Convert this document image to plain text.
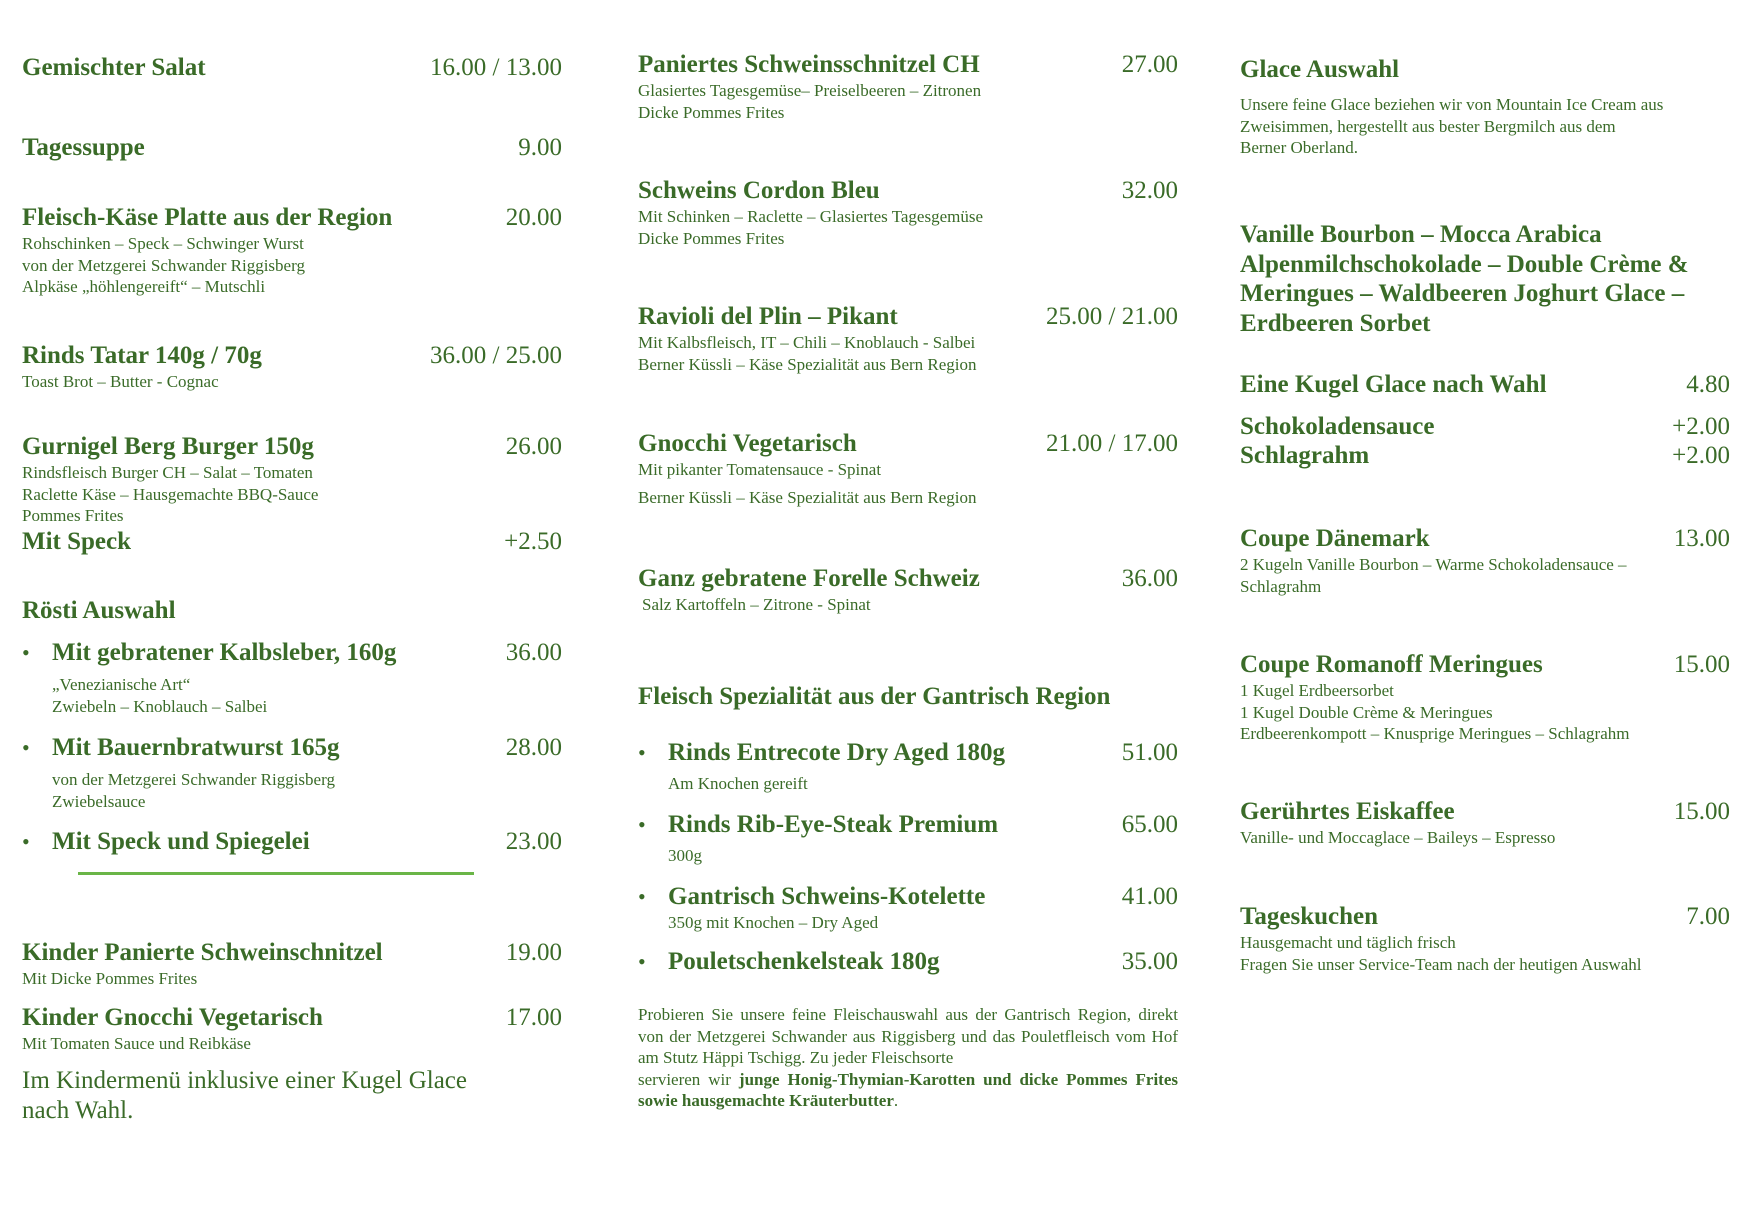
Gemischter Salat	16.00 / 13.00
Tagessuppe	9.00
Fleisch-Käse Platte aus der Region	20.00
Rohschinken – Speck – Schwinger Wurst
von der Metzgerei Schwander Riggisberg
Alpkäse „höhlengereift“ – Mutschli
Rinds Tatar 140g / 70g	36.00 / 25.00
Toast Brot – Butter - Cognac
Gurnigel Berg Burger 150g	26.00
Rindsfleisch Burger CH – Salat – Tomaten
Raclette Käse – Hausgemachte BBQ-Sauce
Pommes Frites
Mit Speck	+2.50
Rösti Auswahl
• Mit gebratener Kalbsleber, 160g	36.00
„Venezianische Art“
Zwiebeln – Knoblauch – Salbei
• Mit Bauernbratwurst 165g	28.00
von der Metzgerei Schwander Riggisberg
Zwiebelsauce
• Mit Speck und Spiegelei	23.00
Kinder Panierte Schweinschnitzel	19.00
Mit Dicke Pommes Frites
Kinder Gnocchi Vegetarisch	17.00
Mit Tomaten Sauce und Reibkäse
Im Kindermenü inklusive einer Kugel Glace
nach Wahl.
Paniertes Schweinsschnitzel CH	27.00
Glasiertes Tagesgemüse– Preiselbeeren – Zitronen
Dicke Pommes Frites
Schweins Cordon Bleu	32.00
Mit Schinken – Raclette – Glasiertes Tagesgemüse
Dicke Pommes Frites
Ravioli del Plin – Pikant	25.00 / 21.00
Mit Kalbsfleisch, IT – Chili – Knoblauch - Salbei
Berner Küssli – Käse Spezialität aus Bern Region
Gnocchi Vegetarisch	21.00 / 17.00
Mit pikanter Tomatensauce - Spinat
Berner Küssli – Käse Spezialität aus Bern Region
Ganz gebratene Forelle Schweiz	36.00
Salz Kartoffeln – Zitrone - Spinat
Fleisch Spezialität aus der Gantrisch Region
• Rinds Entrecote Dry Aged 180g	51.00
Am Knochen gereift
• Rinds Rib-Eye-Steak Premium	65.00
300g
• Gantrisch Schweins-Kotelette	41.00
350g mit Knochen – Dry Aged
• Pouletschenkelsteak 180g	35.00
Probieren Sie unsere feine Fleischauswahl aus der Gantrisch Region, direkt von der Metzgerei Schwander aus Riggisberg und das Pouletfleisch vom Hof am Stutz Häppi Tschigg. Zu jeder Fleischsorte
servieren wir junge Honig-Thymian-Karotten und dicke Pommes Frites sowie hausgemachte Kräuterbutter.
Glace Auswahl
Unsere feine Glace beziehen wir von Mountain Ice Cream aus
Zweisimmen, hergestellt aus bester Bergmilch aus dem
Berner Oberland.
Vanille Bourbon – Mocca Arabica
Alpenmilchschokolade – Double Crème &
Meringues – Waldbeeren Joghurt Glace –
Erdbeeren Sorbet
Eine Kugel Glace nach Wahl	4.80
Schokoladensauce	+2.00
Schlagrahm	+2.00
Coupe Dänemark	13.00
2 Kugeln Vanille Bourbon – Warme Schokoladensauce –
Schlagrahm
Coupe Romanoff Meringues	15.00
1 Kugel Erdbeersorbet
1 Kugel Double Crème & Meringues
Erdbeerenkompott – Knusprige Meringues – Schlagrahm
Gerührtes Eiskaffee	15.00
Vanille- und Moccaglace – Baileys – Espresso
Tageskuchen	7.00
Hausgemacht und täglich frisch
Fragen Sie unser Service-Team nach der heutigen Auswahl
